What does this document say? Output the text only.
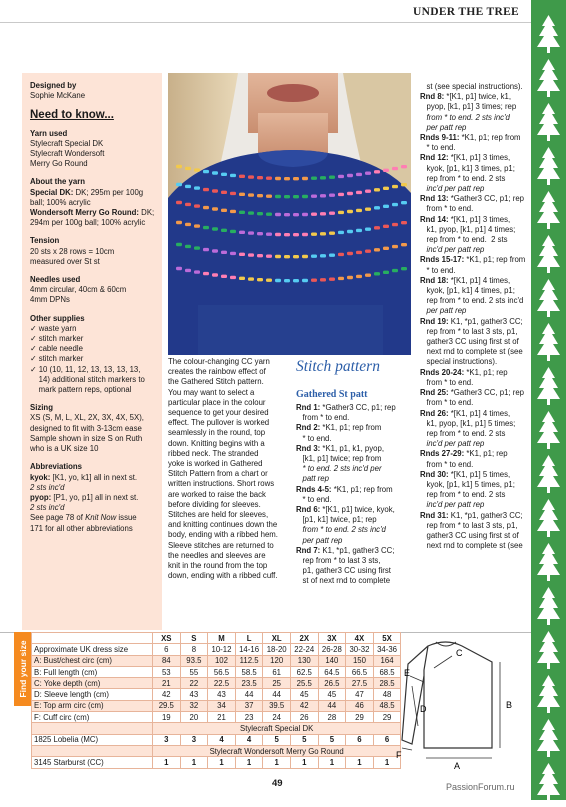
UNDER THE TREE
Designed by
Sophie McKane
Need to know...
Yarn used
Stylecraft Special DK
Stylecraft Wondersoft
Merry Go Round
About the yarn
Special DK: DK; 295m per 100g
ball; 100% acrylic
Wondersoft Merry Go Round: DK;
294m per 100g ball; 100% acrylic
Tension
20 sts x 28 rows = 10cm
measured over St st
Needles used
4mm circular, 40cm & 60cm
4mm DPNs
Other supplies
✓ waste yarn
✓ stitch marker
✓ cable needle
✓ stitch marker
✓ 10 (10, 11, 12, 13, 13, 13, 13,
14) additional stitch markers to
mark pattern reps, optional
Sizing
XS (S, M, L, XL, 2X, 3X, 4X, 5X),
designed to fit with 3-13cm ease
Sample shown in size S on Ruth
who is a UK size 10
Abbreviations
kyok: [K1, yo, k1] all in next st.
2 sts inc'd
pyop: [P1, yo, p1] all in next st.
2 sts inc'd
See page 78 of Knit Now issue
171 for all other abbreviations
The colour-changing CC yarn
creates the rainbow effect of
the Gathered Stitch pattern.
You may want to select a
particular place in the colour
sequence to get your desired
effect. The pullover is worked
seamlessly in the round, top
down. Knitting begins with a
ribbed neck. The stranded
yoke is worked in Gathered
Stitch Pattern from a chart or
written instructions. Short rows
are worked to raise the back
before dividing for sleeves.
Stitches are held for sleeves,
and knitting continues down the
body, ending with a ribbed hem.
Sleeve stitches are returned to
the needles and sleeves are
knit in the round from the top
down, ending with a ribbed cuff.
Stitch pattern
Gathered St patt
Rnd 1: *Gather3 CC, p1; rep
from * to end.
Rnd 2: *K1, p1; rep from
* to end.
Rnd 3: *K1, p1, k1, pyop,
[k1, p1] twice; rep from
* to end. 2 sts inc'd per
patt rep
Rnds 4-5: *K1, p1; rep from
* to end.
Rnd 6: *[K1, p1] twice, kyok,
[p1, k1] twice, p1; rep
from * to end. 2 sts inc'd
per patt rep
Rnd 7: K1, *p1, gather3 CC;
rep from * to last 3 sts,
p1, gather3 CC using first
st of next rnd to complete
st (see special instructions).
Rnd 8: *[K1, p1] twice, k1,
pyop, [k1, p1] 3 times; rep
from * to end. 2 sts inc'd
per patt rep
Rnds 9-11: *K1, p1; rep from
* to end.
Rnd 12: *[K1, p1] 3 times,
kyok, [p1, k1] 3 times, p1;
rep from * to end. 2 sts
inc'd per patt rep
Rnd 13: *Gather3 CC, p1; rep
from * to end.
Rnd 14: *[K1, p1] 3 times,
k1, pyop, [k1, p1] 4 times;
rep from * to end.  2 sts
inc'd per patt rep
Rnds 15-17: *K1, p1; rep from
* to end.
Rnd 18: *[K1, p1] 4 times,
kyok, [p1, k1] 4 times, p1;
rep from * to end. 2 sts inc'd
per patt rep
Rnd 19: K1, *p1, gather3 CC;
rep from * to last 3 sts, p1,
gather3 CC using first st of
next rnd to complete st (see
special instructions).
Rnds 20-24: *K1, p1; rep
from * to end.
Rnd 25: *Gather3 CC, p1; rep
from * to end.
Rnd 26: *[K1, p1] 4 times,
k1, pyop, [k1, p1] 5 times;
rep from * to end. 2 sts
inc'd per patt rep
Rnds 27-29: *K1, p1; rep
from * to end.
Rnd 30: *[K1, p1] 5 times,
kyok, [p1, k1] 5 times, p1;
rep from * to end. 2 sts
inc'd per patt rep
Rnd 31: K1, *p1, gather3 CC;
rep from * to last 3 sts, p1,
gather3 CC using first st of
next rnd to complete st (see
Find your size
	XS	S	M	L	XL	2X	3X	4X	5X
Approximate UK dress size	6	8	10-12	14-16	18-20	22-24	26-28	30-32	34-36
A: Bust/chest circ (cm)	84	93.5	102	112.5	120	130	140	150	164
B: Full length (cm)	53	55	56.5	58.5	61	62.5	64.5	66.5	68.5
C: Yoke depth (cm)	21	22	22.5	23.5	25	25.5	26.5	27.5	28.5
D: Sleeve length (cm)	42	43	43	44	44	45	45	47	48
E: Top arm circ (cm)	29.5	32	34	37	39.5	42	44	46	48.5
F: Cuff circ (cm)	19	20	21	23	24	26	28	29	29
	Stylecraft Special DK								
1825 Lobelia (MC)	3	3	4	4	5	5	5	6	6
	Stylecraft Wondersoft Merry Go Round								
3145 Starburst (CC)	1	1	1	1	1	1	1	1	1	A
B
C
D
E
F
49	PassionForum.ru
